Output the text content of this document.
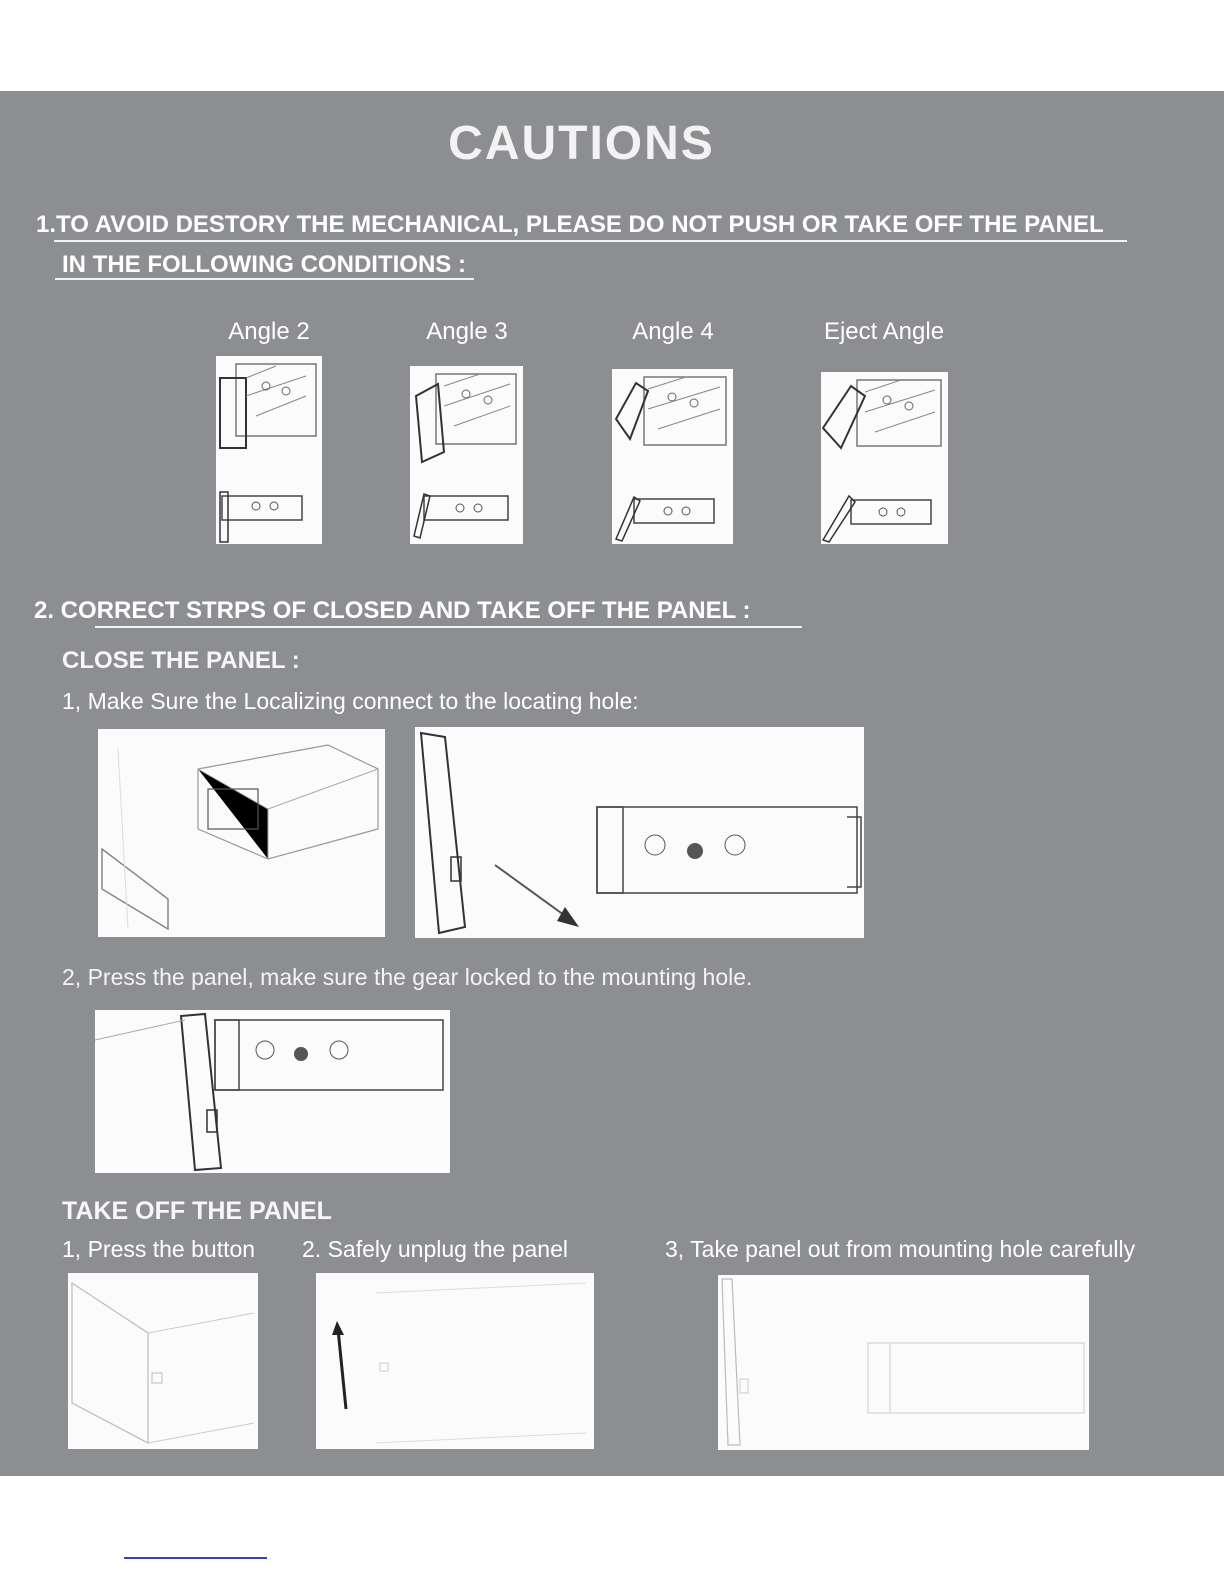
CAUTIONS
1.TO AVOID DESTORY THE MECHANICAL, PLEASE DO NOT PUSH OR TAKE OFF THE PANEL
IN THE FOLLOWING CONDITIONS :
Angle 2	Angle 3	Angle 4	Eject Angle
2. CORRECT STRPS OF CLOSED AND TAKE OFF THE PANEL :
CLOSE THE PANEL :
1, Make Sure the Localizing connect to the locating hole:
2, Press the panel, make sure the gear locked to the mounting hole.
TAKE OFF THE PANEL
1, Press the button 2. Safely unplug the panel	3, Take panel out from mounting hole carefully
